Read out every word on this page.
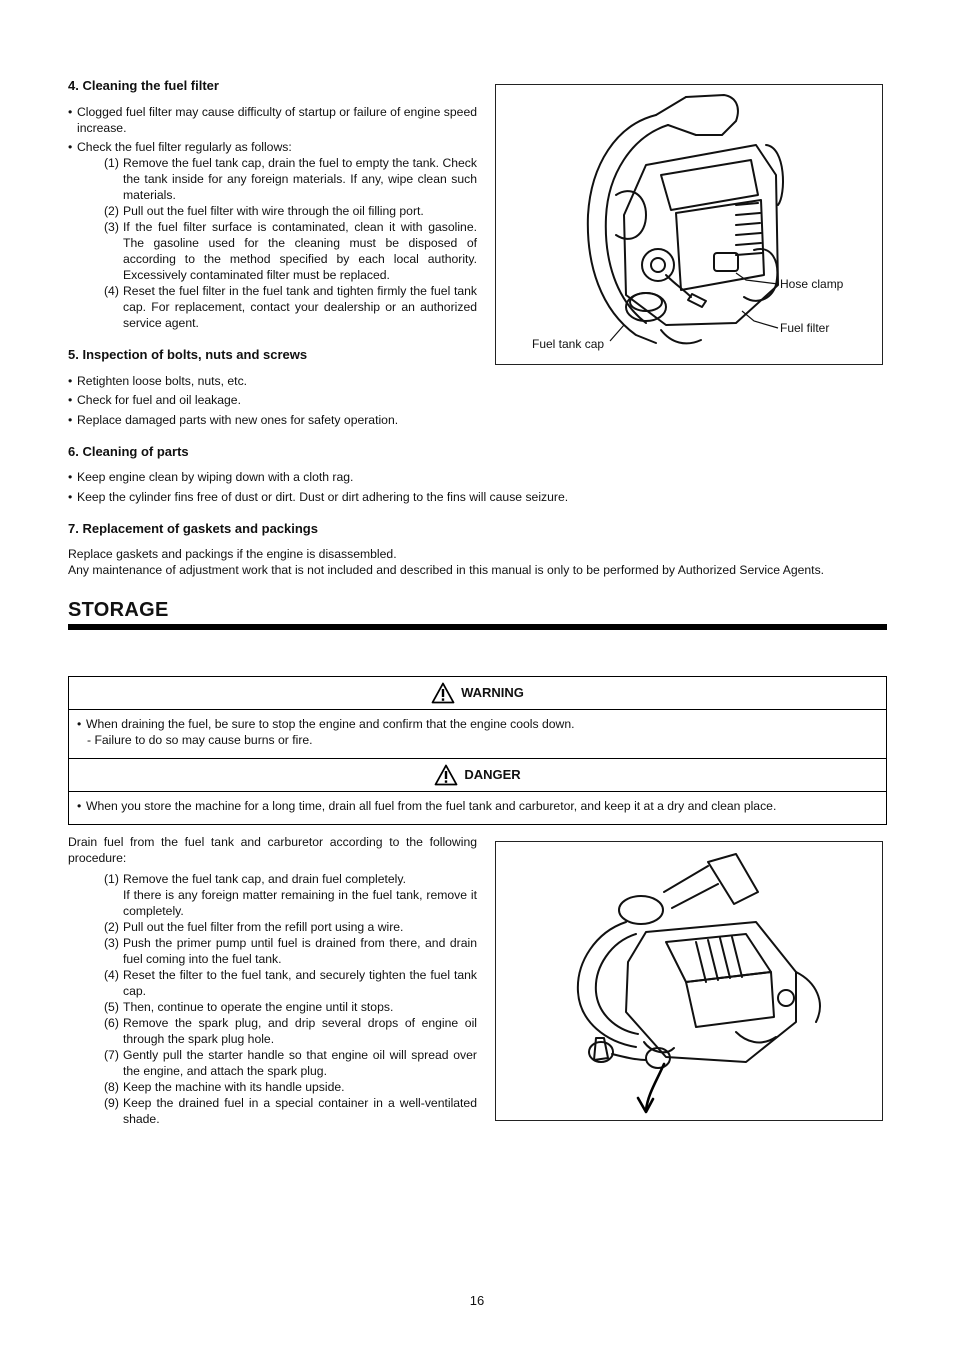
4. Cleaning the fuel filter
• Clogged fuel filter may cause difficulty of startup or failure of engine speed increase.
• Check the fuel filter regularly as follows:
(1) Remove the fuel tank cap, drain the fuel to empty the tank. Check the tank inside for any foreign materials. If any, wipe clean such materials.
(2) Pull out the fuel filter with wire through the oil filling port.
(3) If the fuel filter surface is contaminated, clean it with gasoline. The gasoline used for the cleaning must be disposed of according to the method specified by each local authority. Excessively contaminated filter must be replaced.
(4) Reset the fuel filter in the fuel tank and tighten firmly the fuel tank cap. For replacement, contact your dealership or an authorized service agent.
Hose clamp
Fuel filter
Fuel tank cap
5. Inspection of bolts, nuts and screws
• Retighten loose bolts, nuts, etc.
• Check for fuel and oil leakage.
• Replace damaged parts with new ones for safety operation.
6. Cleaning of parts
• Keep engine clean by wiping down with a cloth rag.
• Keep the cylinder fins free of dust or dirt. Dust or dirt adhering to the fins will cause seizure.
7. Replacement of gaskets and packings
Replace gaskets and packings if the engine is disassembled.
Any maintenance of adjustment work that is not included and described in this manual is only to be performed by Authorized Service Agents.
STORAGE
WARNING
• When draining the fuel, be sure to stop the engine and confirm that the engine cools down.
- Failure to do so may cause burns or fire.
DANGER
• When you store the machine for a long time, drain all fuel from the fuel tank and carburetor, and keep it at a dry and clean place.
Drain fuel from the fuel tank and carburetor according to the following procedure:
(1) Remove the fuel tank cap, and drain fuel completely.
If there is any foreign matter remaining in the fuel tank, remove it completely.
(2) Pull out the fuel filter from the refill port using a wire.
(3) Push the primer pump until fuel is drained from there, and drain fuel coming into the fuel tank.
(4) Reset the filter to the fuel tank, and securely tighten the fuel tank cap.
(5) Then, continue to operate the engine until it stops.
(6) Remove the spark plug, and drip several drops of engine oil through the spark plug hole.
(7) Gently pull the starter handle so that engine oil will spread over the engine, and attach the spark plug.
(8) Keep the machine with its handle upside.
(9) Keep the drained fuel in a special container in a well-ventilated shade.
16
